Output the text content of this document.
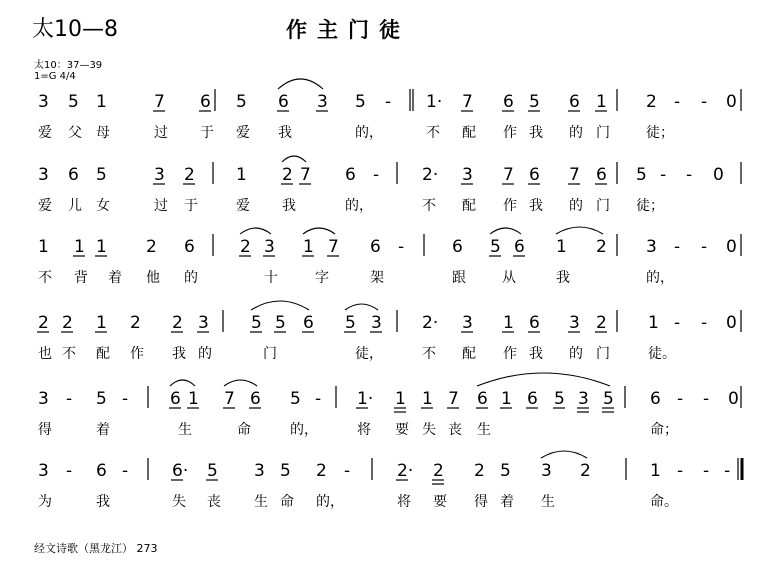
太10—8	作主门徒
太10：37—39
1=G 4/4
3 5 1	7 6 5 6 3 5 - 1· 7 6 5 6 1 2 - - 0
爱 父 母	过 于 爱 我	的，	不 配 作 我 的 门	徒；
3 6 5	3 2 1 2 7 6 -	2· 3 7 6 7 6 5 - - 0
爱 儿 女	过 于	爱 我	的，	不 配 作 我 的 门 徒；
1 1 1 2 6	2 3 1 7 6 -	6 5 6 1 2 3 - - 0
不 背 着 他 的	十	字	架	跟	从	我	的，
2 2 1 2 2 3 5 5 6 5 3 2· 3 1 6 3 2 1 - - 0
也 不 配 作 我 的	门	徒，	不 配 作 我 的 门	徒。
3 - 5 - 6 1 7 6 5 - 1· 1 1 7 6 1 6 5 3 5 6 - - 0
得	着	生	命	的，	将 要 失 丧 生	命；
3 - 6 -	6· 5 3 5 2 -	2· 2 2 5 3 2	1 - - -
为	我	失 丧 生 命 的，	将 要 得 着 生	命。
经文诗歌（黑龙江） 273
